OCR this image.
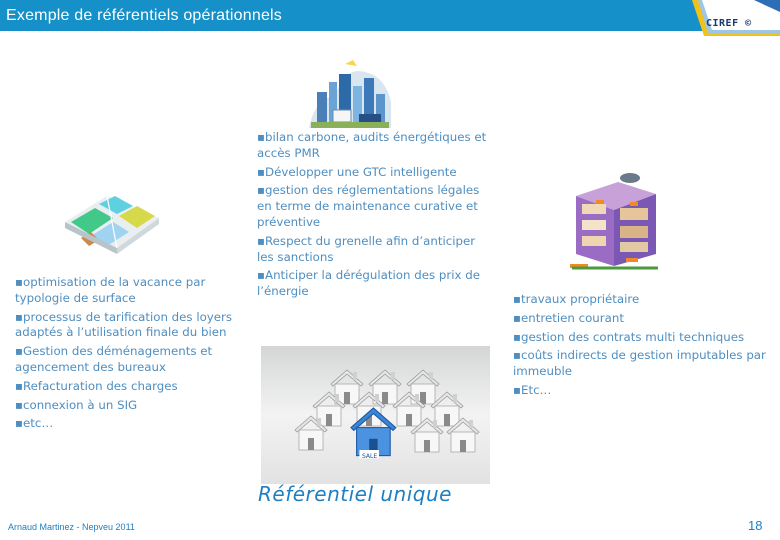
Exemple de référentiels opérationnels	CIREF ©

▪bilan carbone, audits énergétiques et accès PMR

▪Développer une GTC intelligente

▪gestion des réglementations légales en terme de maintenance curative et préventive

▪Respect du grenelle afin d’anticiper les sanctions

▪Anticiper la dérégulation des prix de l’énergie

▪optimisation de la vacance par typologie de surface

▪processus de tarification des loyers adaptés à l’utilisation finale du bien

▪Gestion des déménagements et agencement des bureaux

▪Refacturation des charges

▪connexion à un SIG

▪etc…

▪travaux propriétaire

▪entretien courant

▪gestion des contrats multi techniques

▪coûts indirects de gestion imputables par immeuble

▪Etc…

SALE
Référentiel unique
Arnaud Martinez - Nepveu 2011	18
